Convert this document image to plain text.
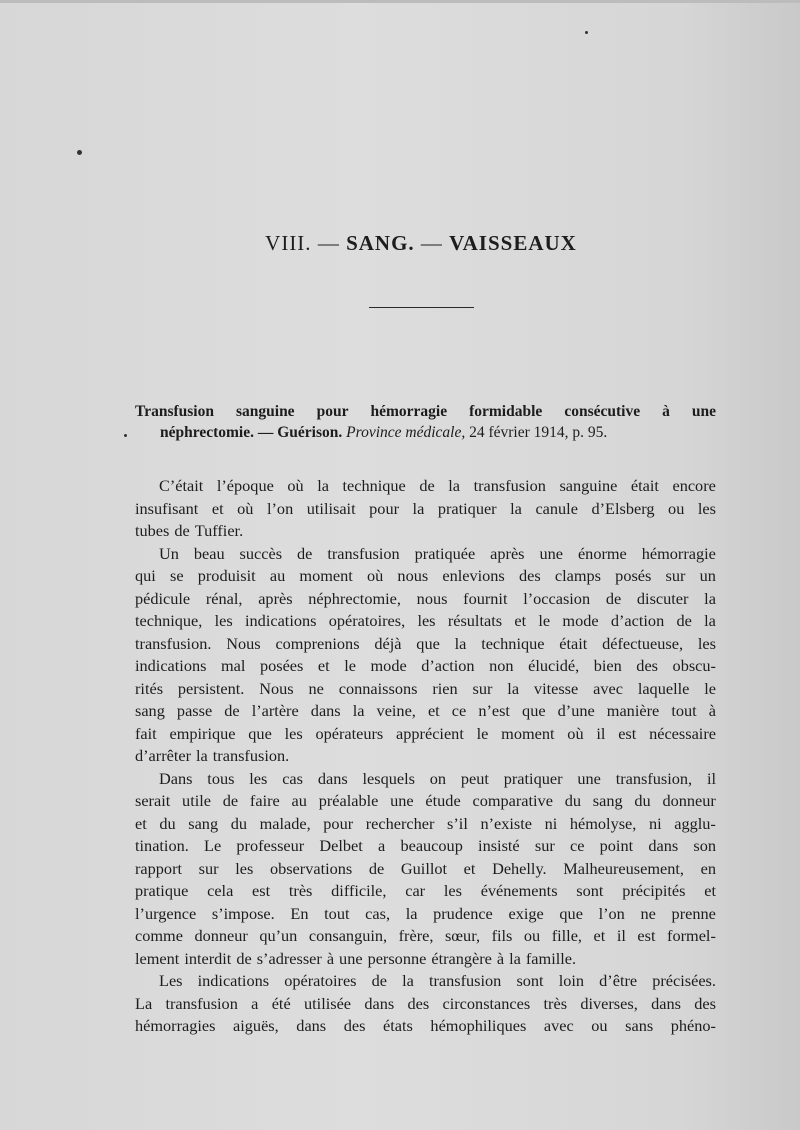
VIII. — SANG. — VAISSEAUX
Transfusion sanguine pour hémorragie formidable consécutive à une
néphrectomie. — Guérison. Province médicale, 24 février 1914, p. 95.
C’était l’époque où la technique de la transfusion sanguine était encore
insufisant et où l’on utilisait pour la pratiquer la canule d’Elsberg ou les
tubes de Tuffier.
Un beau succès de transfusion pratiquée après une énorme hémorragie
qui se produisit au moment où nous enlevions des clamps posés sur un
pédicule rénal, après néphrectomie, nous fournit l’occasion de discuter la
technique, les indications opératoires, les résultats et le mode d’action de la
transfusion. Nous comprenions déjà que la technique était défectueuse, les
indications mal posées et le mode d’action non élucidé, bien des obscu-
rités persistent. Nous ne connaissons rien sur la vitesse avec laquelle le
sang passe de l’artère dans la veine, et ce n’est que d’une manière tout à
fait empirique que les opérateurs apprécient le moment où il est nécessaire
d’arrêter la transfusion.
Dans tous les cas dans lesquels on peut pratiquer une transfusion, il
serait utile de faire au préalable une étude comparative du sang du donneur
et du sang du malade, pour rechercher s’il n’existe ni hémolyse, ni agglu-
tination. Le professeur Delbet a beaucoup insisté sur ce point dans son
rapport sur les observations de Guillot et Dehelly. Malheureusement, en
pratique cela est très difficile, car les événements sont précipités et
l’urgence s’impose. En tout cas, la prudence exige que l’on ne prenne
comme donneur qu’un consanguin, frère, sœur, fils ou fille, et il est formel-
lement interdit de s’adresser à une personne étrangère à la famille.
Les indications opératoires de la transfusion sont loin d’être précisées.
La transfusion a été utilisée dans des circonstances très diverses, dans des
hémorragies aiguës, dans des états hémophiliques avec ou sans phéno-
